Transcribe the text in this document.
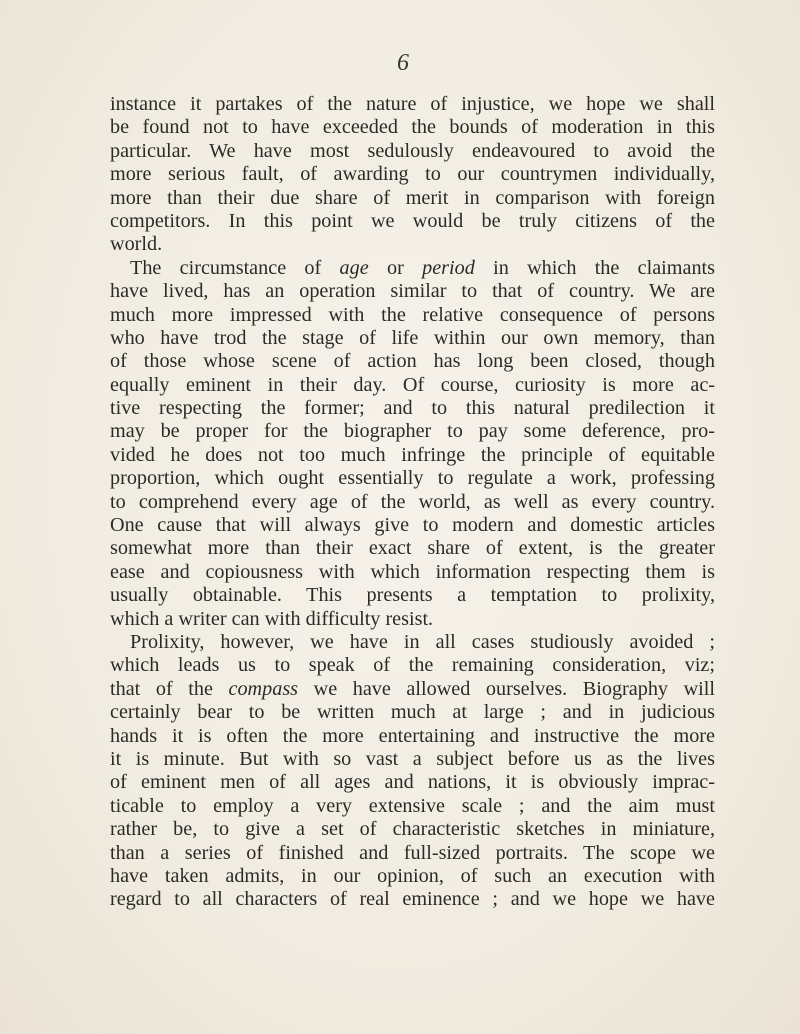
6
instance it partakes of the nature of injustice, we hope we shall
be found not to have exceeded the bounds of moderation in this
particular. We have most sedulously endeavoured to avoid the
more serious fault, of awarding to our countrymen individually,
more than their due share of merit in comparison with foreign
competitors. In this point we would be truly citizens of the
world.
The circumstance of age or period in which the claimants
have lived, has an operation similar to that of country. We are
much more impressed with the relative consequence of persons
who have trod the stage of life within our own memory, than
of those whose scene of action has long been closed, though
equally eminent in their day. Of course, curiosity is more ac-
tive respecting the former; and to this natural predilection it
may be proper for the biographer to pay some deference, pro-
vided he does not too much infringe the principle of equitable
proportion, which ought essentially to regulate a work, professing
to comprehend every age of the world, as well as every country.
One cause that will always give to modern and domestic articles
somewhat more than their exact share of extent, is the greater
ease and copiousness with which information respecting them is
usually obtainable. This presents a temptation to prolixity,
which a writer can with difficulty resist.
Prolixity, however, we have in all cases studiously avoided ;
which leads us to speak of the remaining consideration, viz;
that of the compass we have allowed ourselves. Biography will
certainly bear to be written much at large ; and in judicious
hands it is often the more entertaining and instructive the more
it is minute. But with so vast a subject before us as the lives
of eminent men of all ages and nations, it is obviously imprac-
ticable to employ a very extensive scale ; and the aim must
rather be, to give a set of characteristic sketches in miniature,
than a series of finished and full-sized portraits. The scope we
have taken admits, in our opinion, of such an execution with
regard to all characters of real eminence ; and we hope we have
